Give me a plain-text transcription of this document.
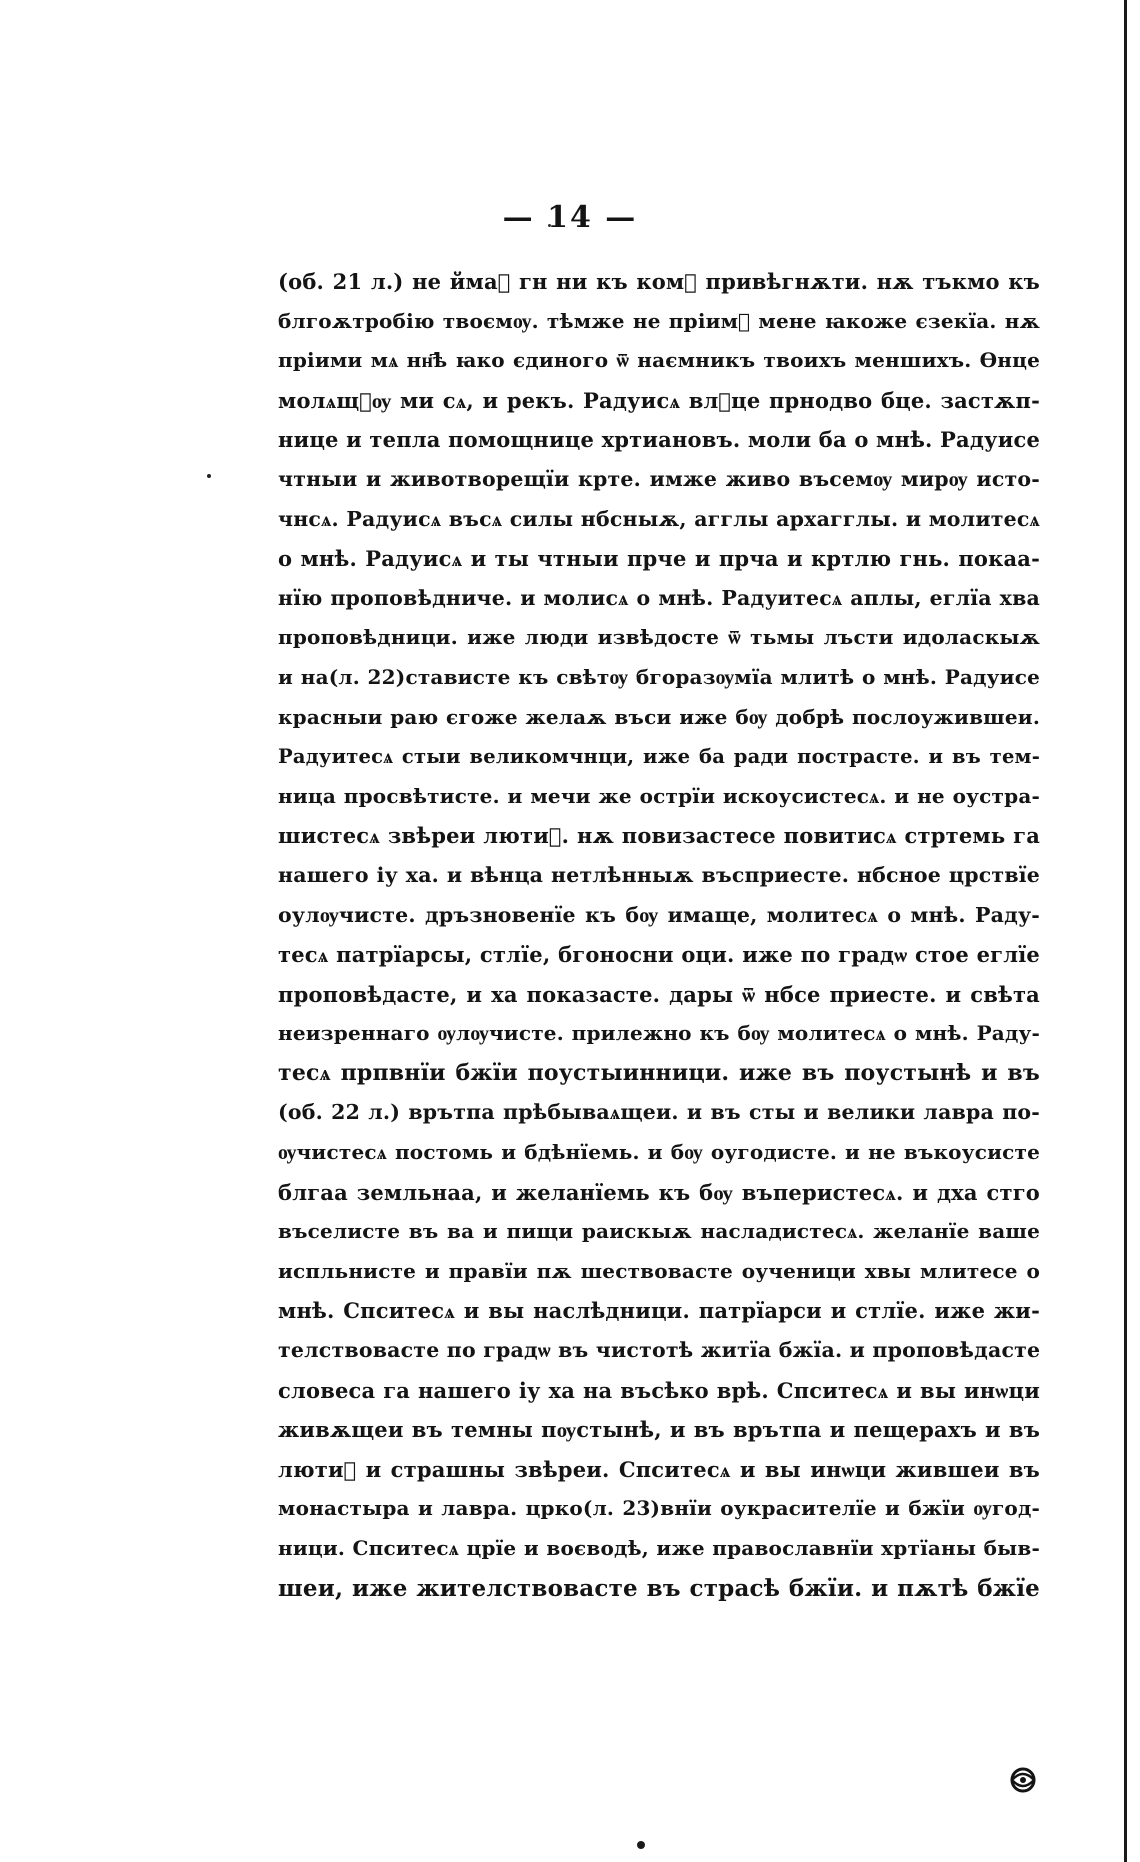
— 14 —
(об. 21 л.) не ймаⷮ гн ни къ комⷹ привѣгнѫти. нѫ тъкмо къ
блгоѫтробію твоємѹ. тѣмже не пріимⷭ мене ꙗкоже єзекїа. нѫ
пріими мѧ нн҃ѣ ꙗко єдиного ѿ наємникъ твоихъ меншихъ. Ѳнце
молѧщⷭѹ ми сѧ, и рекъ. Радуисѧ влⷣце прнодво бце. застѫп-
нице и тепла помощнице хртиановъ. моли ба о мнѣ. Радуисе
чтныи и животворещїи крте. имже живо въсемѹ мирѹ исто-
чнсѧ. Радуисѧ въсѧ силы нбсныѫ, агглы архагглы. и молитесѧ
о мнѣ. Радуисѧ и ты чтныи прче и прча и кртлю гнь. покаа-
нїю проповѣдниче. и молисѧ о мнѣ. Радуитесѧ аплы, еглїа хва
проповѣдници. иже люди извѣдосте ѿ тьмы лъсти идоласкыѫ
и на(л. 22)стависте къ свѣтѹ бгоразѹмїа млитѣ о мнѣ. Радуисе
красныи раю єгоже желаѫ въси иже бѹ добрѣ послоужившеи.
Радуитесѧ стыи великомчнци, иже ба ради пострасте. и въ тем-
ница просвѣтисте. и мечи же острїи искоусистесѧ. и не оустра-
шистесѧ звѣреи лютиⷯ. нѫ повизастесе повитисѧ стртемь га
нашего іу ха. и вѣнца нетлѣнныѫ въсприесте. нбсное црствїе
оулѹчисте. дръзновенїе къ бѹ имаще, молитесѧ о мнѣ. Раду-
тесѧ патрїарсы, стлїе, бгоносни оци. иже по градѡ стое еглїе
проповѣдасте, и ха показасте. дары ѿ нбсе приесте. и свѣта
неизреннаго ѹлѹчисте. прилежно къ бѹ молитесѧ о мнѣ. Раду-
тесѧ прпвнїи бжїи поустыинници. иже въ поустынѣ и въ
(об. 22 л.) врътпа прѣбываѧщеи. и въ сты и велики лавра по-
ѹчистесѧ постомь и бдѣнїемь. и бѹ оугодисте. и не въкоусисте
блгаа земльнаа, и желанїемь къ бѹ въперистесѧ. и дха стго
въселисте въ ва и пищи раискыѫ насладистесѧ. желанїе ваше
испльнисте и правїи пѫ шествовасте оученици хвы млитесе о
мнѣ. Спситесѧ и вы наслѣдници. патрїарси и стлїе. иже жи-
телствовасте по градѡ въ чистотѣ житїа бжїа. и проповѣдасте
словеса га нашего іу ха на въсѣко врѣ. Спситесѧ и вы инѡци
живѫщеи въ темны пѹстынѣ, и въ врътпа и пещерахъ и въ
лютиⷯ и страшны звѣреи. Спситесѧ и вы инѡци жившеи въ
монастыра и лавра. црко(л. 23)внїи оукрасителїе и бжїи ѹгод-
ници. Спситесѧ црїе и воєводѣ, иже православнїи хртїаны быв-
шеи, иже жителствовасте въ страсѣ бжїи. и пѫтѣ бжїе
